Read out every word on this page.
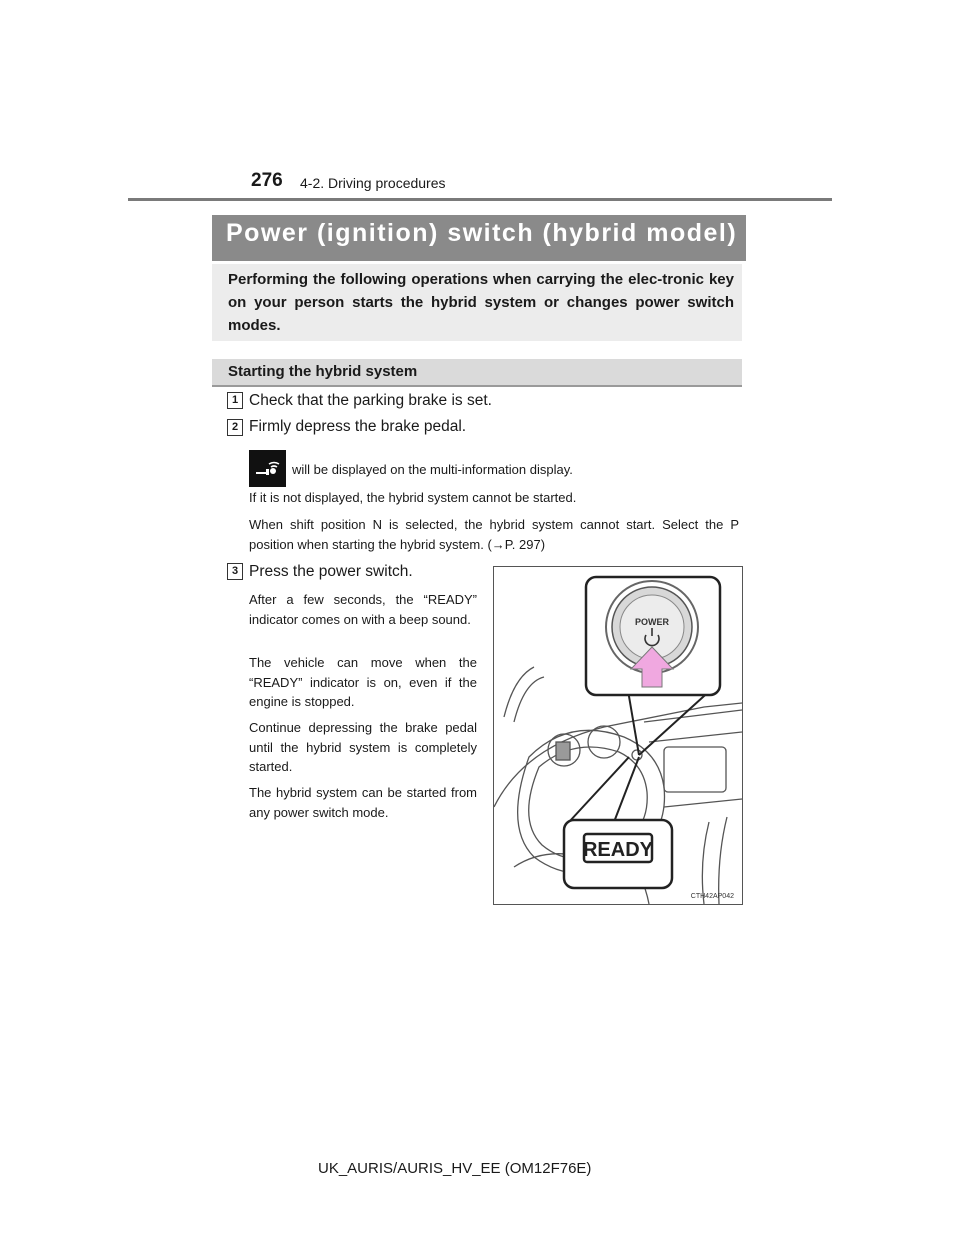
276 4-2. Driving procedures
Power (ignition) switch (hybrid model)
Performing the following operations when carrying the elec-tronic key on your person starts the hybrid system or changes power switch modes.
Starting the hybrid system
1 Check that the parking brake is set.
2 Firmly depress the brake pedal.
will be displayed on the multi-information display.
If it is not displayed, the hybrid system cannot be started.
When shift position N is selected, the hybrid system cannot start. Select the P position when starting the hybrid system. (→P. 297)
3 Press the power switch.
After a few seconds, the “READY” indicator comes on with a beep sound.
The vehicle can move when the “READY” indicator is on, even if the engine is stopped.
Continue depressing the brake pedal until the hybrid system is completely started.
The hybrid system can be started from any power switch mode.
POWER
READY
CTH42AP042
UK_AURIS/AURIS_HV_EE (OM12F76E)
